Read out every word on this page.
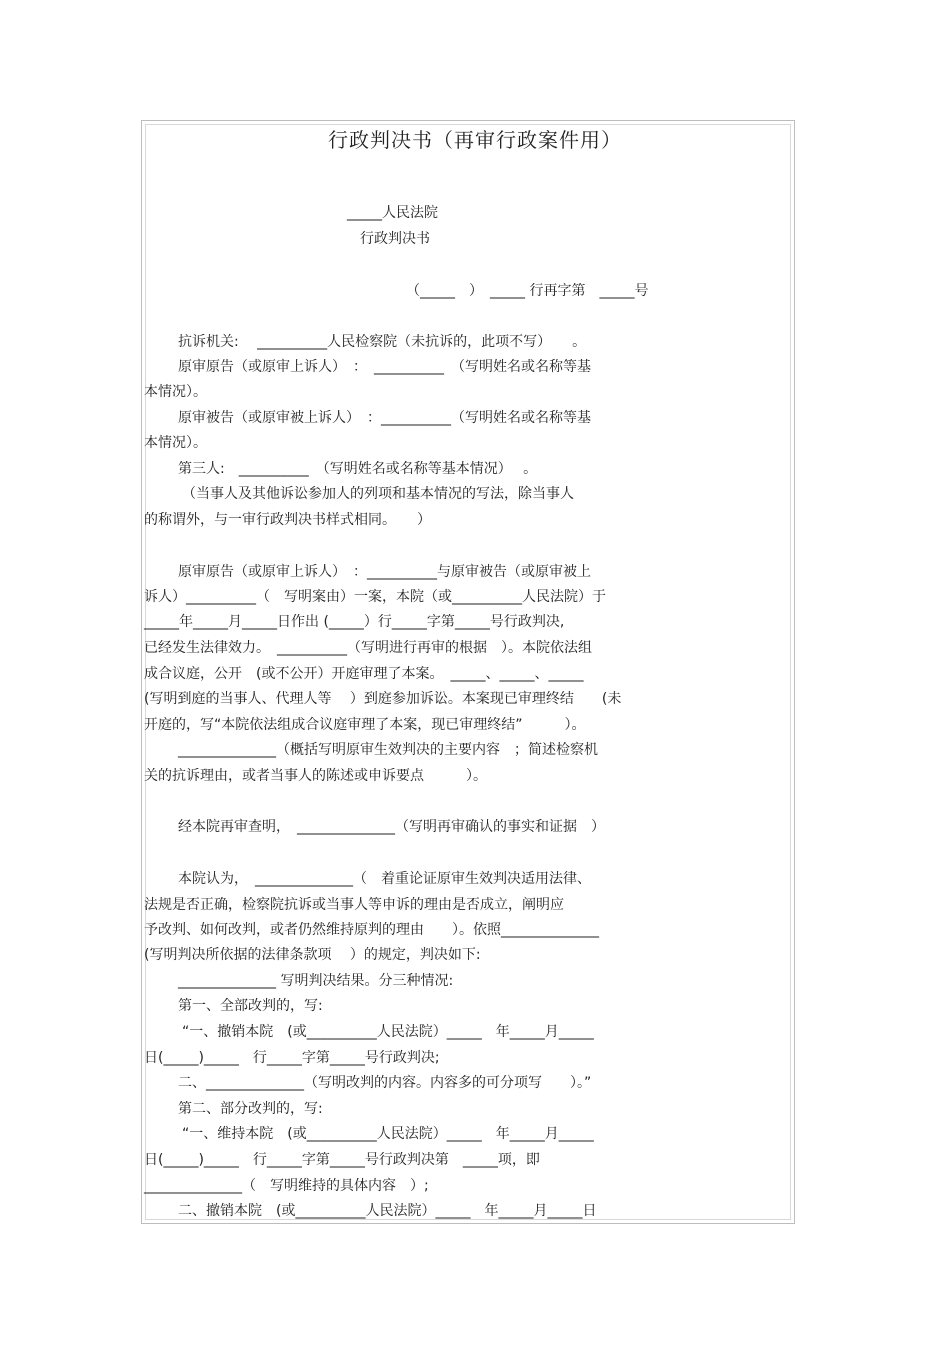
行政判决书（再审行政案件用）
_____人民法院
行政判决书
（_____　）　_____ 行再字第　_____号
抗诉机关:　 __________人民检察院（未抗诉的，此项不写）　　。
原审原告（或原审上诉人）　：　__________　（写明姓名或名称等基
本情况）。
原审被告（或原审被上诉人）　：__________（写明姓名或名称等基
本情况）。
第三人:　__________　（写明姓名或名称等基本情况）　 。
（当事人及其他诉讼参加人的列项和基本情况的写法，除当事人
的称谓外，与一审行政判决书样式相同。　　）
原审原告（或原审上诉人）　：__________与原审被告（或原审被上
诉人）__________（　写明案由）一案，本院（或__________人民法院）于
_____年_____月_____日作出 (_____）行_____字第_____号行政判决,
已经发生法律效力。　__________（写明进行再审的根据　）。本院依法组
成合议庭，公开　(或不公开）开庭审理了本案。　_____、_____、_____
(写明到庭的当事人、代理人等　 ）到庭参加诉讼。本案现已审理终结　　(未
开庭的，写“本院依法组成合议庭审理了本案，现已审理终结”　　　）。
______________（概括写明原审生效判决的主要内容　；简述检察机
关的抗诉理由，或者当事人的陈述或申诉要点　　　）。
经本院再审查明，　______________（写明再审确认的事实和证据　）
本院认为，　______________（　着重论证原审生效判决适用法律、
法规是否正确，检察院抗诉或当事人等申诉的理由是否成立，阐明应
予改判、如何改判，或者仍然维持原判的理由　　）。依照______________
(写明判决所依据的法律条款项　 ）的规定，判决如下:
______________ 写明判决结果。分三种情况:
第一、全部改判的，写:
“一、撤销本院　(或__________人民法院）_____　年_____月_____
日(_____)_____　行_____字第_____号行政判决;
二、______________（写明改判的内容。内容多的可分项写　　）。”
第二、部分改判的，写:
“一、维持本院　(或__________人民法院）_____　年_____月_____
日(_____)_____　行_____字第_____号行政判决第　_____项，即
______________（　写明维持的具体内容　）;
二、撤销本院　(或__________人民法院）_____　年_____月_____日
